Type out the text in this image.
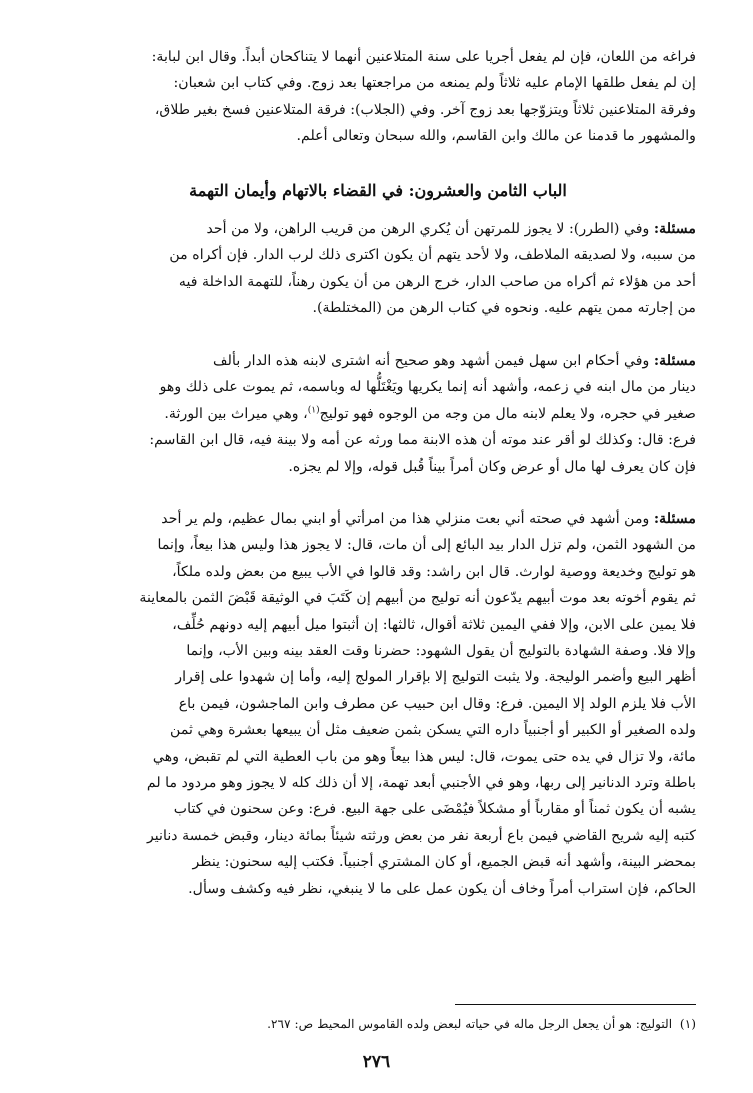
فراغه من اللعان، فإن لم يفعل أجريا على سنة المتلاعنين أنهما لا يتناكحان أبداً. وقال ابن لبابة:

إن لم يفعل طلقها الإمام عليه ثلاثاً ولم يمنعه من مراجعتها بعد زوج. وفي كتاب ابن شعبان:

وفرقة المتلاعنين ثلاثاً ويتزوّجها بعد زوج آخر. وفي (الجلاب): فرقة المتلاعنين فسخ بغير طلاق،

والمشهور ما قدمنا عن مالك وابن القاسم، والله سبحان وتعالى أعلم.

الباب الثامن والعشرون: في القضاء بالاتهام وأيمان التهمة

مسئلة: وفي (الطرر): لا يجوز للمرتهن أن يُكري الرهن من قريب الراهن، ولا من أحد

من سببه، ولا لصديقه الملاطف، ولا لأحد يتهم أن يكون اكترى ذلك لرب الدار. فإن أكراه من

أحد من هؤلاء ثم أكراه من صاحب الدار، خرج الرهن من أن يكون رهناً، للتهمة الداخلة فيه

من إجارته ممن يتهم عليه. ونحوه في كتاب الرهن من (المختلطة).

مسئلة: وفي أحكام ابن سهل فيمن أشهد وهو صحيح أنه اشترى لابنه هذه الدار بألف

دينار من مال ابنه في زعمه، وأشهد أنه إنما يكريها ويَغْتَلُّها له وباسمه، ثم يموت على ذلك وهو

صغير في حجره، ولا يعلم لابنه مال من وجه من الوجوه فهو توليج$^{(١)}$، وهي ميراث بين الورثة.

فرع: قال: وكذلك لو أقر عند موته أن هذه الابنة مما ورثه عن أمه ولا بينة فيه، قال ابن القاسم:

فإن كان يعرف لها مال أو عرض وكان أمراً بيناً قُبل قوله، وإلا لم يجزه.

مسئلة: ومن أشهد في صحته أني بعت منزلي هذا من امرأتي أو ابني بمال عظيم، ولم ير أحد

من الشهود الثمن، ولم تزل الدار بيد البائع إلى أن مات، قال: لا يجوز هذا وليس هذا بيعاً، وإنما

هو توليج وخديعة ووصية لوارث. قال ابن راشد: وقد قالوا في الأب يبيع من بعض ولده ملكاً،

ثم يقوم أخوته بعد موت أبيهم يدّعون أنه توليج من أبيهم إن كَتَبَ في الوثيقة قَبْضَ الثمن بالمعاينة

فلا يمين على الابن، وإلا ففي اليمين ثلاثة أقوال، ثالثها: إن أثبتوا ميل أبيهم إليه دونهم حُلِّف،

وإلا فلا. وصفة الشهادة بالتوليج أن يقول الشهود: حضرنا وقت العقد بينه وبين الأب، وإنما

أظهر البيع وأضمر الوليجة. ولا يثبت التوليج إلا بإقرار المولج إليه، وأما إن شهدوا على إقرار

الأب فلا يلزم الولد إلا اليمين. فرع: وقال ابن حبيب عن مطرف وابن الماجشون، فيمن باع

ولده الصغير أو الكبير أو أجنبياً داره التي يسكن بثمن ضعيف مثل أن يبيعها بعشرة وهي ثمن

مائة، ولا تزال في يده حتى يموت، قال: ليس هذا بيعاً وهو من باب العطية التي لم تقبض، وهي

باطلة وترد الدنانير إلى ربها، وهو في الأجنبي أبعد تهمة، إلا أن ذلك كله لا يجوز وهو مردود ما لم

يشبه أن يكون ثمناً أو مقارباً أو مشكلاً فيُمْضَى على جهة البيع. فرع: وعن سحنون في كتاب

كتبه إليه شريح القاضي فيمن باع أربعة نفر من بعض ورثته شيئاً بمائة دينار، وقبض خمسة دنانير

بمحضر البينة، وأشهد أنه قبض الجميع، أو كان المشتري أجنبياً. فكتب إليه سحنون: ينظر

الحاكم، فإن استراب أمراً وخاف أن يكون عمل على ما لا ينبغي، نظر فيه وكشف وسأل.

(١)  التوليج: هو أن يجعل الرجل ماله في حياته لبعض ولده القاموس المحيط ص: ٢٦٧.
٢٧٦
